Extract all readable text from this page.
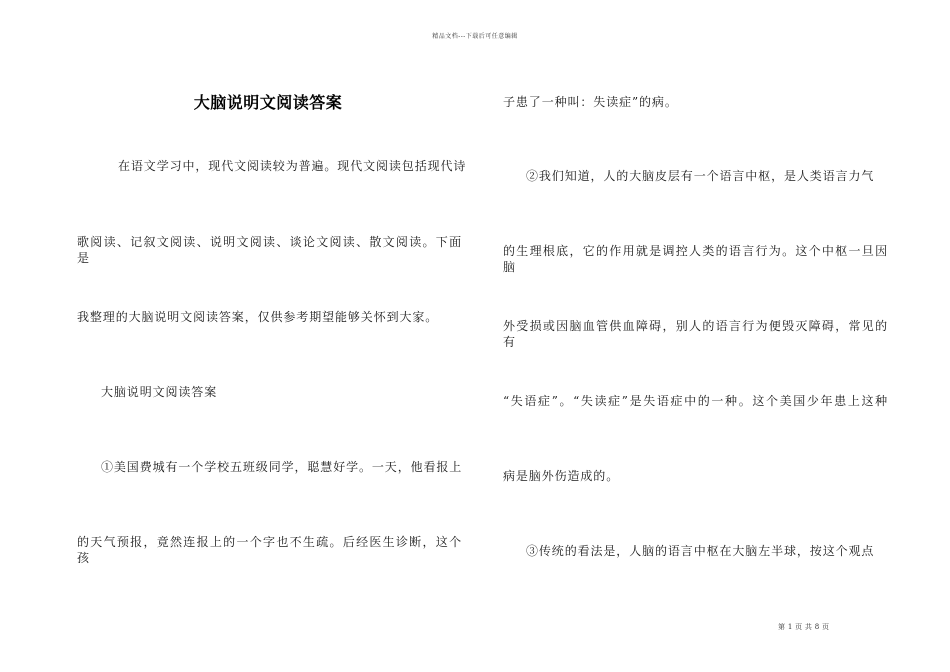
精品文档---下载后可任意编辑
大脑说明文阅读答案
在语文学习中，现代文阅读较为普遍。现代文阅读包括现代诗
歌阅读、记叙文阅读、说明文阅读、谈论文阅读、散文阅读。下面是
我整理的大脑说明文阅读答案，仅供参考期望能够关怀到大家。
大脑说明文阅读答案
①美国费城有一个学校五班级同学，聪慧好学。一天，他看报上
的天气预报，竟然连报上的一个字也不生疏。后经医生诊断，这个孩
子患了一种叫：失读症”的病。
②我们知道，人的大脑皮层有一个语言中枢，是人类语言力气
的生理根底，它的作用就是调控人类的语言行为。这个中枢一旦因脑
外受损或因脑血管供血障碍，别人的语言行为便毁灭障碍，常见的有
“失语症”。“失读症”是失语症中的一种。这个美国少年患上这种
病是脑外伤造成的。
③传统的看法是，人脑的语言中枢在大脑左半球，按这个观点
第 1 页 共 8 页
